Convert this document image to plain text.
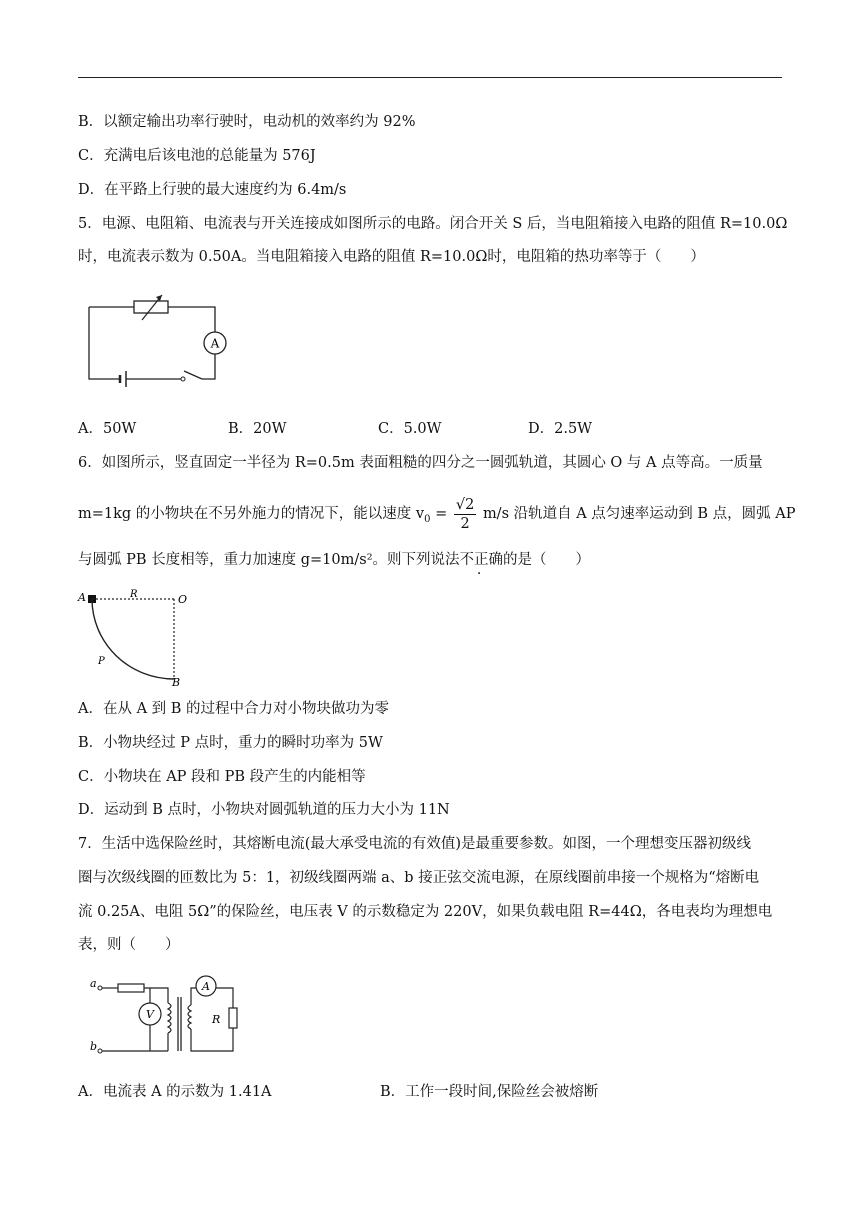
B．以额定输出功率行驶时，电动机的效率约为 92%
C．充满电后该电池的总能量为 576J
D．在平路上行驶的最大速度约为 6.4m/s
5．电源、电阻箱、电流表与开关连接成如图所示的电路。闭合开关 S 后，当电阻箱接入电路的阻值 R=10.0Ω
时，电流表示数为 0.50A。当电阻箱接入电路的阻值 R=10.0Ω时，电阻箱的热功率等于（　　）
A
A．50W	B．20W	C．5.0W	D．2.5W
6．如图所示，竖直固定一半径为 R=0.5m 表面粗糙的四分之一圆弧轨道，其圆心 O 与 A 点等高。一质量
m=1kg 的小物块在不另外施力的情况下，能以速度 $v_0 = \frac{√2}{2} m/s$ 沿轨道自 A 点匀速率运动到 B 点，圆弧 AP
与圆弧 PB 长度相等，重力加速度 g=10m/s²。则下列说法不正确的是（　　）
A	R	O
P
B
A．在从 A 到 B 的过程中合力对小物块做功为零
B．小物块经过 P 点时，重力的瞬时功率为 5W
C．小物块在 AP 段和 PB 段产生的内能相等
D．运动到 B 点时，小物块对圆弧轨道的压力大小为 11N
7．生活中选保险丝时，其熔断电流(最大承受电流的有效值)是最重要参数。如图，一个理想变压器初级线
圈与次级线圈的匝数比为 5：1，初级线圈两端 a、b 接正弦交流电源，在原线圈前串接一个规格为“熔断电
流 0.25A、电阻 5Ω”的保险丝，电压表 V 的示数稳定为 220V，如果负载电阻 R=44Ω，各电表均为理想电
表，则（　　）
a
V
A
R
b
A．电流表 A 的示数为 1.41A	B．工作一段时间,保险丝会被熔断
